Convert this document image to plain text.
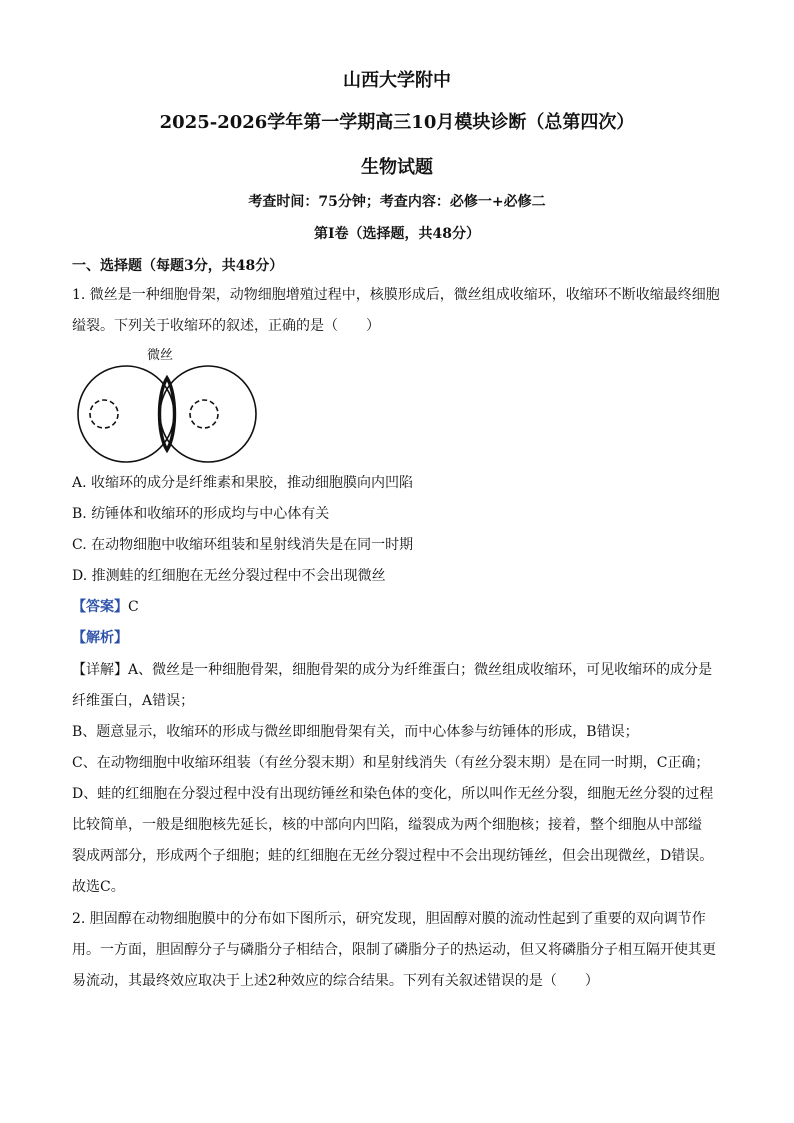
山西大学附中
2025-2026学年第一学期高三10月模块诊断（总第四次）
生物试题
考查时间：75分钟；考查内容：必修一+必修二
第I卷（选择题，共48分）
一、选择题（每题3分，共48分）
1. 微丝是一种细胞骨架，动物细胞增殖过程中，核膜形成后，微丝组成收缩环，收缩环不断收缩最终细胞
缢裂。下列关于收缩环的叙述，正确的是（　　）
微丝
A. 收缩环的成分是纤维素和果胶，推动细胞膜向内凹陷
B. 纺锤体和收缩环的形成均与中心体有关
C. 在动物细胞中收缩环组装和星射线消失是在同一时期
D. 推测蛙的红细胞在无丝分裂过程中不会出现微丝
【答案】C
【解析】
【详解】A、微丝是一种细胞骨架，细胞骨架的成分为纤维蛋白；微丝组成收缩环，可见收缩环的成分是
纤维蛋白，A错误；
B、题意显示，收缩环的形成与微丝即细胞骨架有关，而中心体参与纺锤体的形成，B错误；
C、在动物细胞中收缩环组装（有丝分裂末期）和星射线消失（有丝分裂末期）是在同一时期，C正确；
D、蛙的红细胞在分裂过程中没有出现纺锤丝和染色体的变化，所以叫作无丝分裂，细胞无丝分裂的过程
比较简单，一般是细胞核先延长，核的中部向内凹陷，缢裂成为两个细胞核；接着，整个细胞从中部缢
裂成两部分，形成两个子细胞；蛙的红细胞在无丝分裂过程中不会出现纺锤丝，但会出现微丝，D错误。
故选C。
2. 胆固醇在动物细胞膜中的分布如下图所示，研究发现，胆固醇对膜的流动性起到了重要的双向调节作
用。一方面，胆固醇分子与磷脂分子相结合，限制了磷脂分子的热运动，但又将磷脂分子相互隔开使其更
易流动，其最终效应取决于上述2种效应的综合结果。下列有关叙述错误的是（　　）
